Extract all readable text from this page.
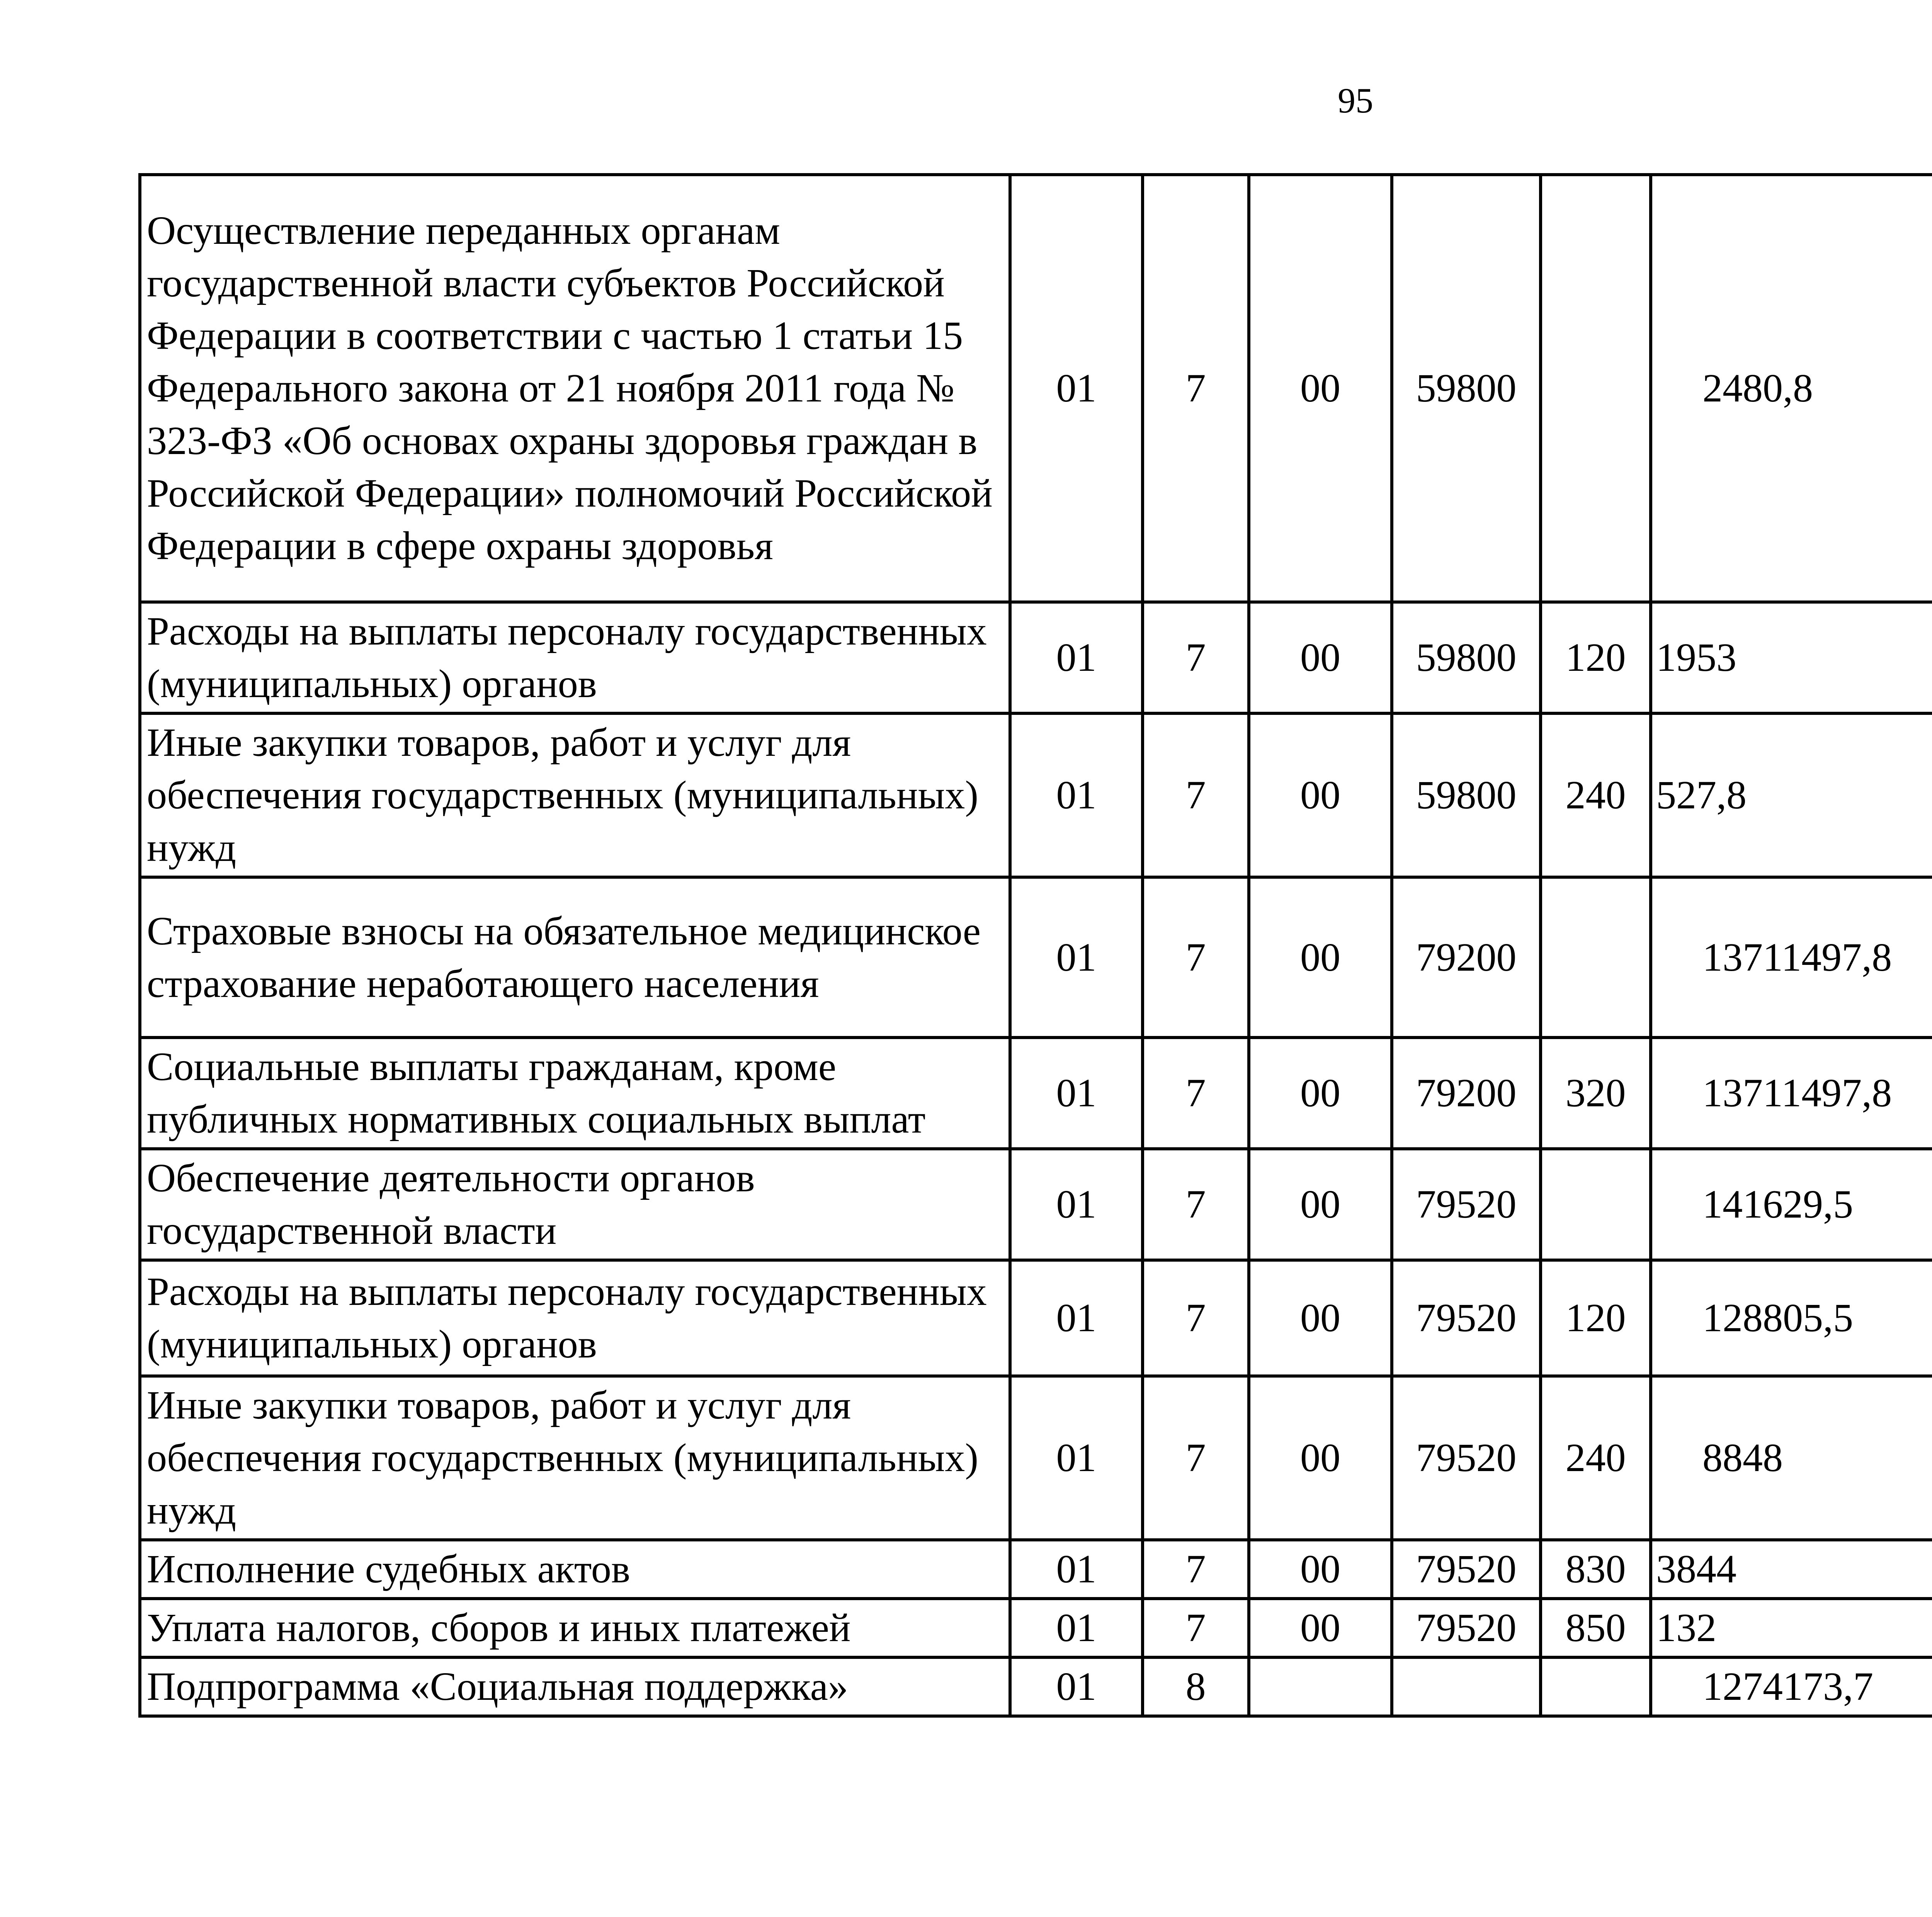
95
Осуществление переданных органам государственной власти субъектов Российской Федерации в соответствии с частью 1 статьи 15 Федерального закона от 21 ноября 2011 года № 323-ФЗ «Об основах охраны здоровья граждан в Российской Федерации» полномочий Российской Федерации в сфере охраны здоровья	01	7	00	59800		2480,8		
Расходы на выплаты персоналу государственных (муниципальных) органов	01	7	00	59800	120	1953		
Иные закупки товаров, работ и услуг для обеспечения государственных (муниципальных) нужд	01	7	00	59800	240	527,8		
Страховые взносы на обязательное медицинское страхование неработающего населения	01	7	00	79200		13711497,8		
Социальные выплаты гражданам, кроме публичных нормативных социальных выплат	01	7	00	79200	320	13711497,8		
Обеспечение деятельности органов государственной власти	01	7	00	79520		141629,5		
Расходы на выплаты персоналу государственных (муниципальных) органов	01	7	00	79520	120	128805,5		
Иные закупки товаров, работ и услуг для обеспечения государственных (муниципальных) нужд	01	7	00	79520	240	8848		
Исполнение судебных актов	01	7	00	79520	830	3844		
Уплата налогов, сборов и иных платежей	01	7	00	79520	850	132		
Подпрограмма «Социальная поддержка»	01	8				1274173,7		
